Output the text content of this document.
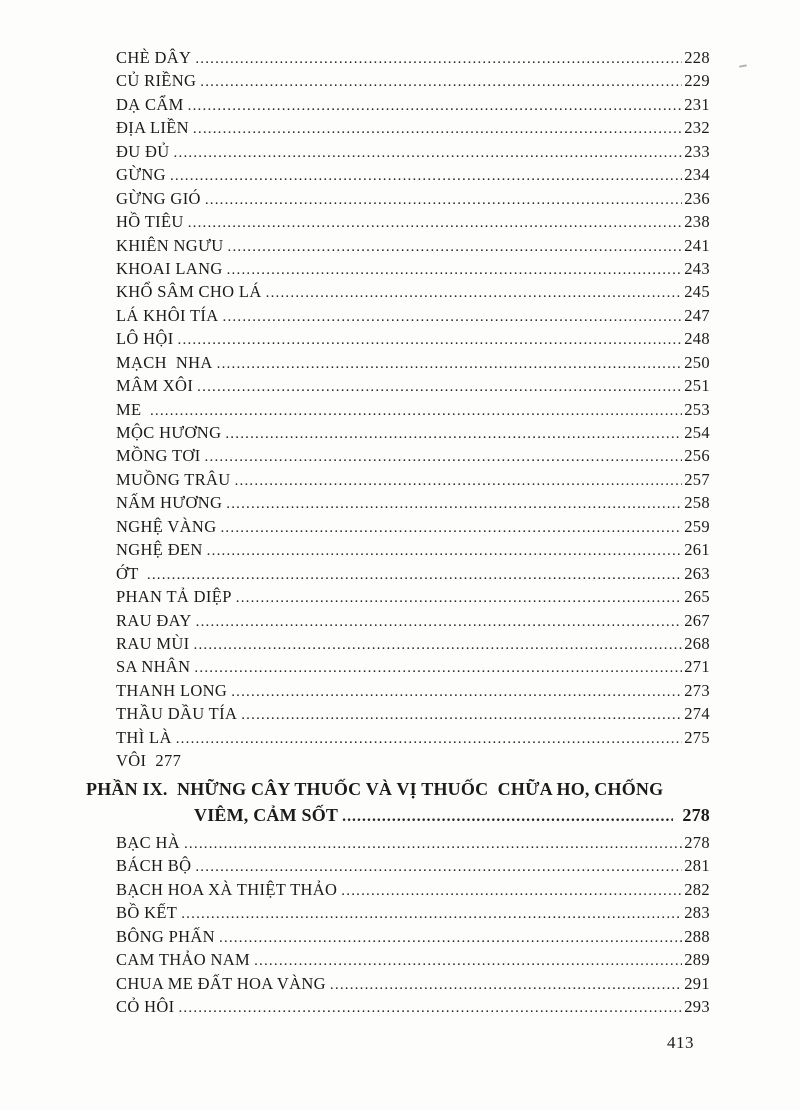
CHÈ DÂY .....	228
CỦ RIỀNG .....	229
DẠ CẨM .....	231
ĐỊA LIỀN .....	232
ĐU ĐỦ .....	233
GỪNG .....	234
GỪNG GIÓ .....	236
HỒ TIÊU .....	238
KHIÊN NGƯU .....	241
KHOAI LANG .....	243
KHỔ SÂM CHO LÁ .....	245
LÁ KHÔI TÍA .....	247
LÔ HỘI .....	248
MẠCH  NHA .....	250
MÂM XÔI .....	251
ME .....	253
MỘC HƯƠNG .....	254
MỒNG TƠI .....	256
MUỒNG TRÂU .....	257
NẤM HƯƠNG .....	258
NGHỆ VÀNG .....	259
NGHỆ ĐEN .....	261
ỚT .....	263
PHAN TẢ DIỆP .....	265
RAU ĐAY .....	267
RAU MÙI .....	268
SA NHÂN .....	271
THANH LONG .....	273
THẦU DẦU TÍA .....	274
THÌ LÀ .....	275
VÔI 277
PHẦN IX.  NHỮNG CÂY THUỐC VÀ VỊ THUỐC  CHỮA HO, CHỐNG
VIÊM, CẢM SỐT .....	278
BẠC HÀ .....	278
BÁCH BỘ .....	281
BẠCH HOA XÀ THIỆT THẢO .....	282
BỒ KẾT .....	283
BÔNG PHẤN .....	288
CAM THẢO NAM .....	289
CHUA ME ĐẤT HOA VÀNG .....	291
CỎ HÔI .....	293
413
